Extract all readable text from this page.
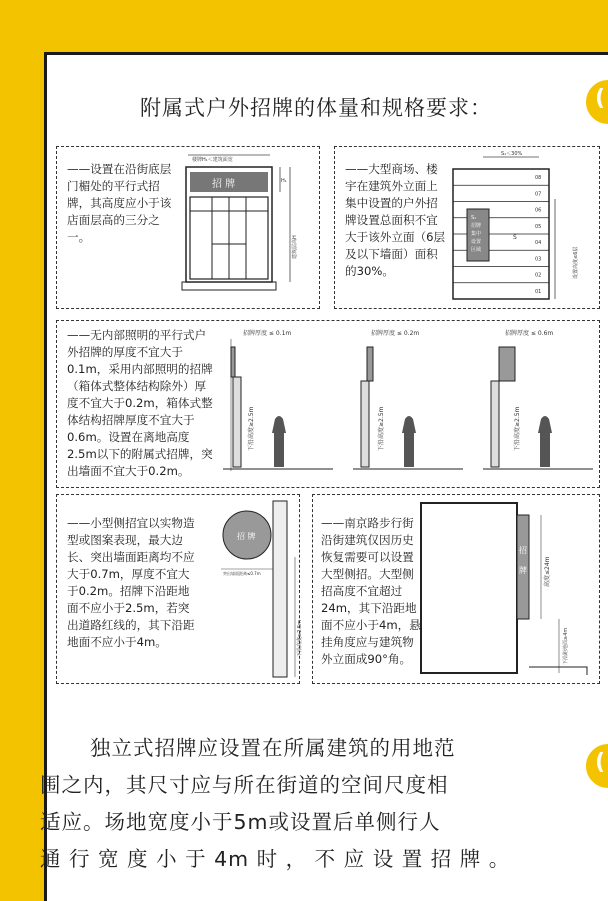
(
(
附属式户外招牌的体量和规格要求：
——设置在沿街底层门楣处的平行式招牌，其高度应小于该店面层高的三分之一。
楼牌H₁＜建筑面宽
招 牌	H₁
建筑层高H
——大型商场、楼宇在建筑外立面上集中设置的户外招牌设置总面积不宜大于该外立面（6层及以下墙面）面积的30%。
S₁＜30%
08
07
06
05
04
03
02
01
S₁
招牌
集中
设置
区域
S
设置高度≤6层
——无内部照明的平行式户外招牌的厚度不宜大于0.1m，采用内部照明的招牌（箱体式整体结构除外）厚度不宜大于0.2m，箱体式整体结构招牌厚度不宜大于0.6m。设置在离地高度2.5m以下的附属式招牌，突出墙面不宜大于0.2m。
招牌厚度 ≤ 0.1m
下沿高度≥2.5m
招牌厚度 ≤ 0.2m
下沿高度≥2.5m
招牌厚度 ≤ 0.6m
下沿高度≥2.5m
——小型侧招宜以实物造型或图案表现，最大边长、突出墙面距离均不应大于0.7m，厚度不宜大于0.2m。招牌下沿距地面不应小于2.5m，若突出道路红线的，其下沿距地面不应小于4m。
招 牌
突出墙面距离≤0.7m
下沿高度≥2.5m
——南京路步行街沿街建筑仅因历史恢复需要可以设置大型侧招。大型侧招高度不宜超过24m，其下沿距地面不应小于4m，悬挂角度应与建筑物外立面成90°角。
招
牌	高度≤24m
下沿距地面≥4m

独立式招牌应设置在所属建筑的用地范

围之内，其尺寸应与所在街道的空间尺度相

适应。场地宽度小于5m或设置后单侧行人

通 行 宽 度 小 于 4m 时 ， 不 应 设 置 招 牌 。
